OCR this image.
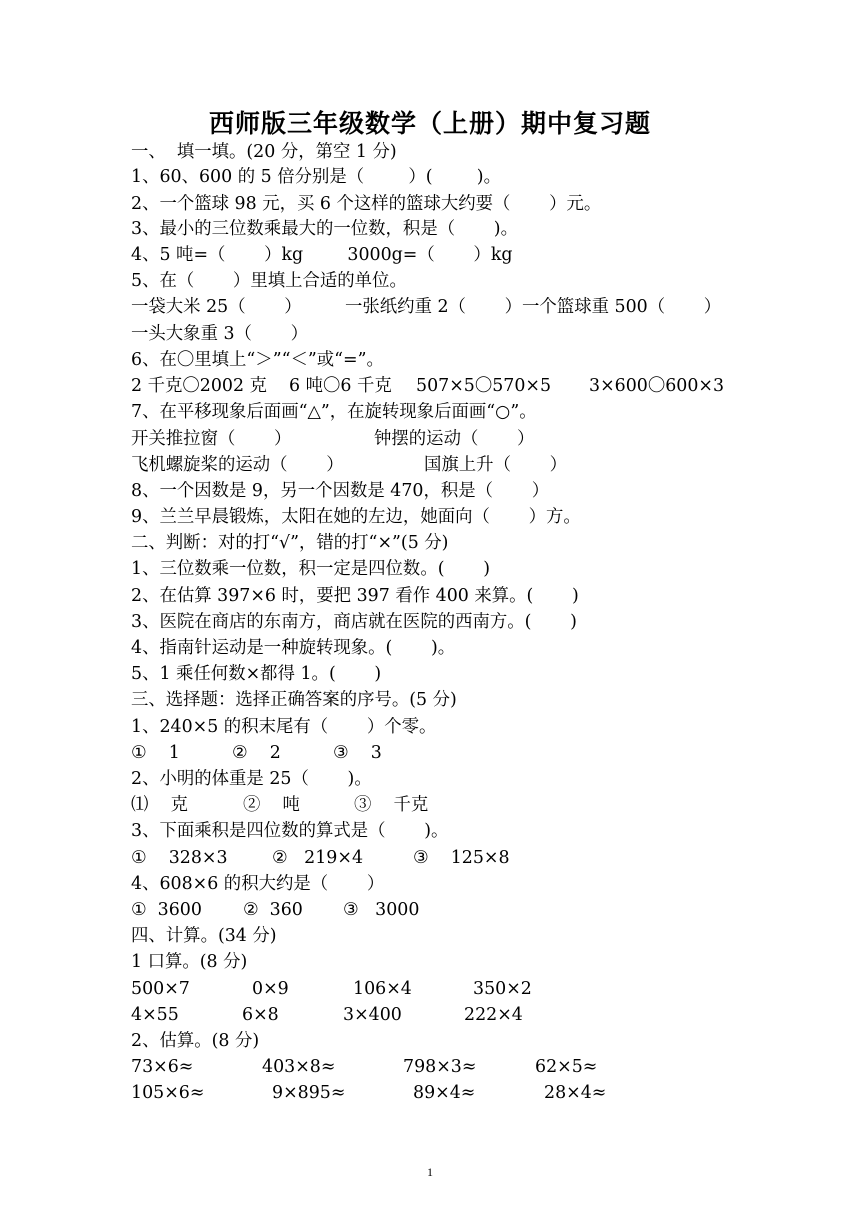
西师版三年级数学（上册）期中复习题
一、  填一填。(20 分，第空 1 分)
1、60、600 的 5 倍分别是（        ）(        )。
2、一个篮球 98 元，买 6 个这样的篮球大约要（       ）元。
3、最小的三位数乘最大的一位数，积是（       )。
4、5 吨=（       ）kg        3000g=（       ）kg
5、在（       ）里填上合适的单位。
一袋大米 25（       ） 一张纸约重 2（       ）一个篮球重 500（       ）
一头大象重 3（       ）
6、在〇里填上“＞”“＜”或“=”。
2 千克〇2002 克 6 吨〇6 千克 507×5〇570×5 3×600〇600×3
7、在平移现象后面画“△”，在旋转现象后面画“○”。
开关推拉窗（       ）	钟摆的运动（       ）
飞机螺旋桨的运动（       ）	国旗上升（       ）
8、一个因数是 9，另一个因数是 470，积是（       ）
9、兰兰早晨锻炼，太阳在她的左边，她面向（       ）方。
二、判断：对的打“√”，错的打“×”(5 分)
1、三位数乘一位数，积一定是四位数。(       )
2、在估算 397×6 时，要把 397 看作 400 来算。(       )
3、医院在商店的东南方，商店就在医院的西南方。(       )
4、指南针运动是一种旋转现象。(       )。
5、1 乘任何数×都得 1。(       )
三、选择题：选择正确答案的序号。(5 分)
1、240×5 的积末尾有（       ）个零。
①    1	②    2	③    3
2、小明的体重是 25（       )。
⑴    克	②    吨	③    千克
3、下面乘积是四位数的算式是（       )。
①    328×3	②   219×4	③    125×8
4、608×6 的积大约是（       ）
①  3600 ②  360 ③   3000
四、计算。(34 分)
1 口算。(8 分)
500×7	0×9	106×4	350×2
4×55	6×8	3×400	222×4
2、估算。(8 分)
73×6≈	403×8≈	798×3≈	62×5≈
105×6≈	9×895≈	89×4≈	28×4≈
1
